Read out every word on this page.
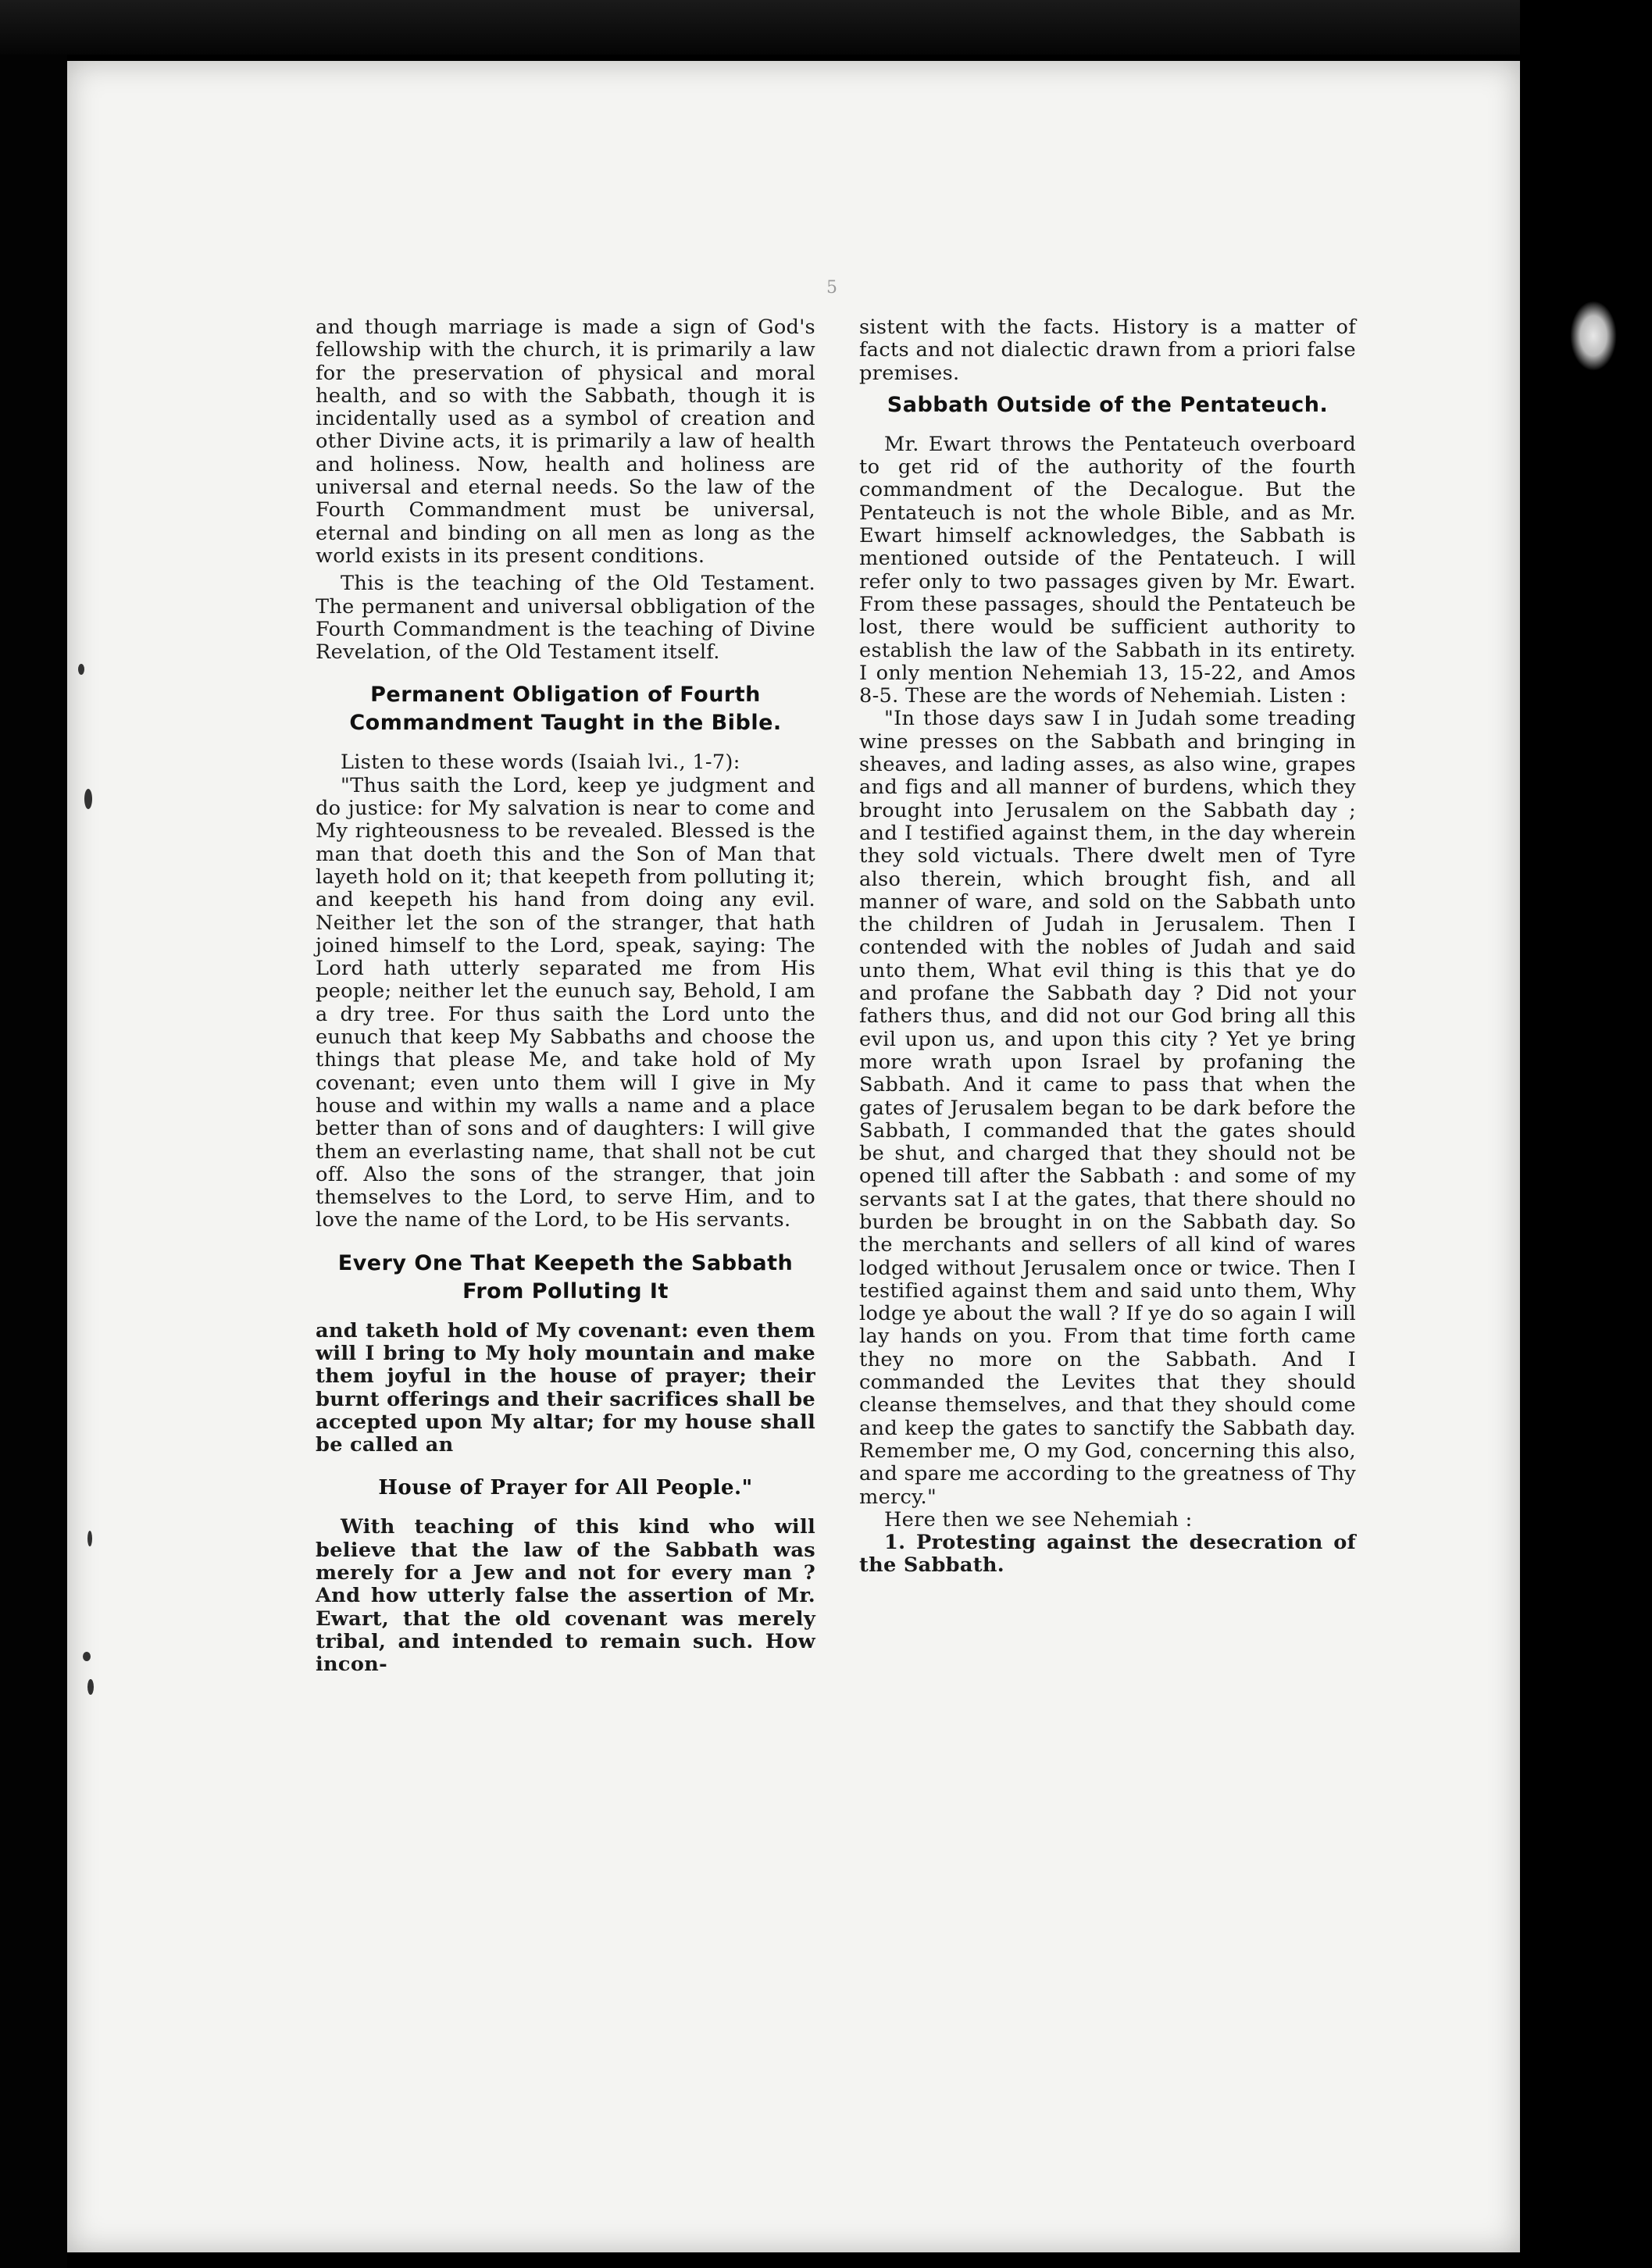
5

and though marriage is made a sign of God's fellowship with the church, it is primarily a law for the preservation of physical and moral health, and so with the Sabbath, though it is incidentally used as a symbol of creation and other Divine acts, it is primarily a law of health and holiness. Now, health and holiness are universal and eternal needs. So the law of the Fourth Commandment must be universal, eternal and binding on all men as long as the world exists in its present conditions.

This is the teaching of the Old Testament. The permanent and universal obbligation of the Fourth Commandment is the teaching of Divine Revelation, of the Old Testament itself.

Permanent Obligation of Fourth Commandment Taught in the Bible.

Listen to these words (Isaiah lvi., 1-7):

"Thus saith the Lord, keep ye judgment and do justice: for My salvation is near to come and My righteousness to be revealed. Blessed is the man that doeth this and the Son of Man that layeth hold on it; that keepeth from polluting it; and keepeth his hand from doing any evil. Neither let the son of the stranger, that hath joined himself to the Lord, speak, saying: The Lord hath utterly separated me from His people; neither let the eunuch say, Behold, I am a dry tree. For thus saith the Lord unto the eunuch that keep My Sabbaths and choose the things that please Me, and take hold of My covenant; even unto them will I give in My house and within my walls a name and a place better than of sons and of daughters: I will give them an everlasting name, that shall not be cut off. Also the sons of the stranger, that join themselves to the Lord, to serve Him, and to love the name of the Lord, to be His servants.

Every One That Keepeth the Sabbath From Polluting It

and taketh hold of My covenant: even them will I bring to My holy mountain and make them joyful in the house of prayer; their burnt offerings and their sacrifices shall be accepted upon My altar; for my house shall be called an

House of Prayer for All People."

With teaching of this kind who will believe that the law of the Sabbath was merely for a Jew and not for every man ? And how utterly false the assertion of Mr. Ewart, that the old covenant was merely tribal, and intended to remain such. How incon-

sistent with the facts. History is a matter of facts and not dialectic drawn from a priori false premises.

Sabbath Outside of the Pentateuch.

Mr. Ewart throws the Pentateuch overboard to get rid of the authority of the fourth commandment of the Decalogue. But the Pentateuch is not the whole Bible, and as Mr. Ewart himself acknowledges, the Sabbath is mentioned outside of the Pentateuch. I will refer only to two passages given by Mr. Ewart. From these passages, should the Pentateuch be lost, there would be sufficient authority to establish the law of the Sabbath in its entirety. I only mention Nehemiah 13, 15-22, and Amos 8-5. These are the words of Nehemiah. Listen :

"In those days saw I in Judah some treading wine presses on the Sabbath and bringing in sheaves, and lading asses, as also wine, grapes and figs and all manner of burdens, which they brought into Jerusalem on the Sabbath day ; and I testified against them, in the day wherein they sold victuals. There dwelt men of Tyre also therein, which brought fish, and all manner of ware, and sold on the Sabbath unto the children of Judah in Jerusalem. Then I contended with the nobles of Judah and said unto them, What evil thing is this that ye do and profane the Sabbath day ? Did not your fathers thus, and did not our God bring all this evil upon us, and upon this city ? Yet ye bring more wrath upon Israel by profaning the Sabbath. And it came to pass that when the gates of Jerusalem began to be dark before the Sabbath, I commanded that the gates should be shut, and charged that they should not be opened till after the Sabbath : and some of my servants sat I at the gates, that there should no burden be brought in on the Sabbath day. So the merchants and sellers of all kind of wares lodged without Jerusalem once or twice. Then I testified against them and said unto them, Why lodge ye about the wall ? If ye do so again I will lay hands on you. From that time forth came they no more on the Sabbath. And I commanded the Levites that they should cleanse themselves, and that they should come and keep the gates to sanctify the Sabbath day. Remember me, O my God, concerning this also, and spare me according to the greatness of Thy mercy."

Here then we see Nehemiah :

1. Protesting against the desecration of the Sabbath.
